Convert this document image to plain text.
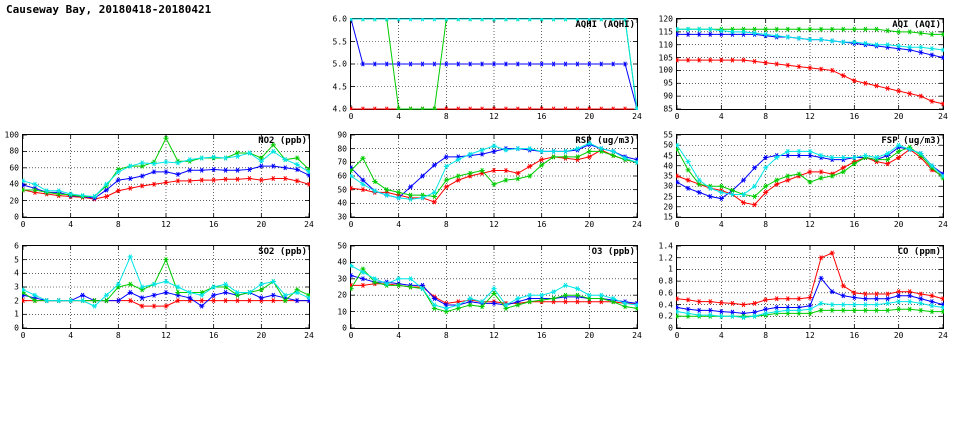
Causeway Bay, 20180418-20180421
AQHI (AQHI)
0	4	8	12	16	20	24
4.0
4.5
5.0
5.5
6.0
AQI (AQI)
0	4	8	12	16	20	24
85
90
95
100
105
110
115
120
NO2 (ppb)
0	4	8	12	16	20	24
0
20
40
60
80
100
RSP (ug/m3)
0	4	8	12	16	20	24
30
40
50
60
70
80
90
FSP (ug/m3)
0	4	8	12	16	20	24
15
20
25
30
35
40
45
50
55
SO2 (ppb)
0	4	8	12	16	20	24
0
1
2
3
4
5
6
O3 (ppb)
0	4	8	12	16	20	24
0
10
20
30
40
50
CO (ppm)
0	4	8	12	16	20	24
0
0.2
0.4
0.6
0.8
1
1.2
1.4
